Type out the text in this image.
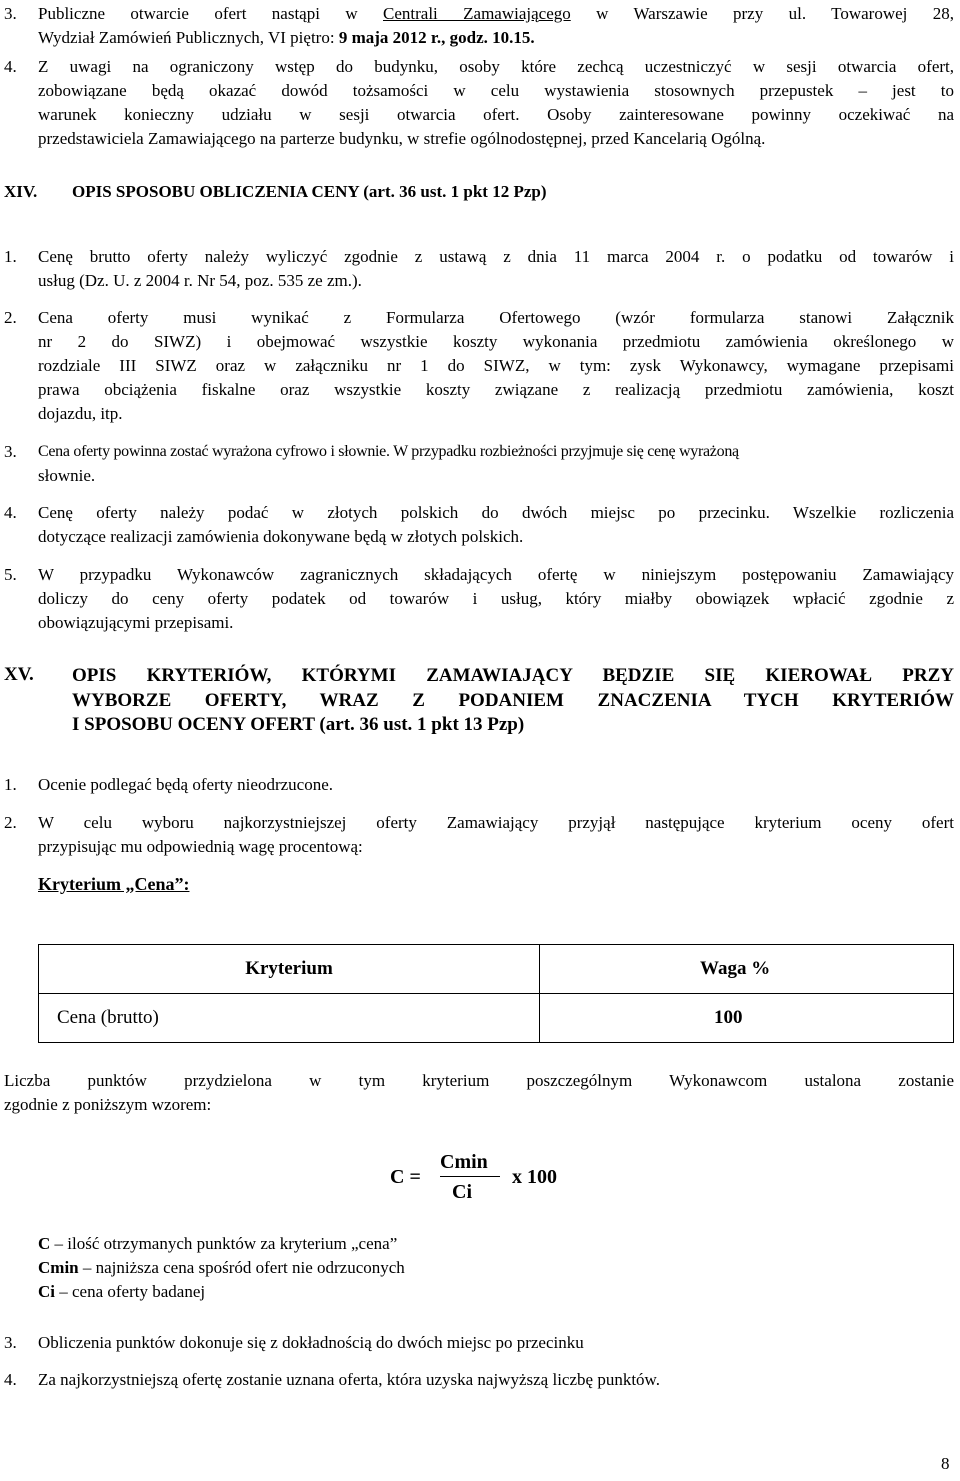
3. Publiczne otwarcie ofert nastąpi w Centrali Zamawiającego w Warszawie przy ul. Towarowej 28,
Wydział Zamówień Publicznych, VI piętro: 9 maja 2012 r., godz. 10.15.
4. Z uwagi na ograniczony wstęp do budynku, osoby które zechcą uczestniczyć w sesji otwarcia ofert,
zobowiązane będą okazać dowód tożsamości w celu wystawienia stosownych przepustek – jest to
warunek konieczny udziału w sesji otwarcia ofert. Osoby zainteresowane powinny oczekiwać na
przedstawiciela Zamawiającego na parterze budynku, w strefie ogólnodostępnej, przed Kancelarią Ogólną.
XIV. OPIS SPOSOBU OBLICZENIA CENY (art. 36 ust. 1 pkt 12 Pzp)
1. Cenę brutto oferty należy wyliczyć zgodnie z ustawą z dnia 11 marca 2004 r. o podatku od towarów i
usług (Dz. U. z 2004 r. Nr 54, poz. 535 ze zm.).
2. Cena oferty musi wynikać z Formularza Ofertowego (wzór formularza stanowi Załącznik
nr 2 do SIWZ) i obejmować wszystkie koszty wykonania przedmiotu zamówienia określonego w
rozdziale III SIWZ oraz w załączniku nr 1 do SIWZ, w tym: zysk Wykonawcy, wymagane przepisami
prawa obciążenia fiskalne oraz wszystkie koszty związane z realizacją przedmiotu zamówienia, koszt
dojazdu, itp.
3. Cena oferty powinna zostać wyrażona cyfrowo i słownie. W przypadku rozbieżności przyjmuje się cenę wyrażoną
słownie.
4. Cenę oferty należy podać w złotych polskich do dwóch miejsc po przecinku. Wszelkie rozliczenia
dotyczące realizacji zamówienia dokonywane będą w złotych polskich.
5. W przypadku Wykonawców zagranicznych składających ofertę w niniejszym postępowaniu Zamawiający
doliczy do ceny oferty podatek od towarów i usług, który miałby obowiązek wpłacić zgodnie z
obowiązującymi przepisami.
XV. OPIS KRYTERIÓW, KTÓRYMI ZAMAWIAJĄCY BĘDZIE SIĘ KIEROWAŁ PRZY
WYBORZE OFERTY, WRAZ Z PODANIEM ZNACZENIA TYCH KRYTERIÓW
I SPOSOBU OCENY OFERT (art. 36 ust. 1 pkt 13 Pzp)
1. Ocenie podlegać będą oferty nieodrzucone.
2. W celu wyboru najkorzystniejszej oferty Zamawiający przyjął następujące kryterium oceny ofert
przypisując mu odpowiednią wagę procentową:
Kryterium „Cena”:
Kryterium	Waga %
Cena (brutto)	100
Liczba punktów przydzielona w tym kryterium poszczególnym Wykonawcom ustalona zostanie
zgodnie z poniższym wzorem:
C =
Cmin
Ci
x 100
C – ilość otrzymanych punktów za kryterium „cena”
Cmin – najniższa cena spośród ofert nie odrzuconych
Ci – cena oferty badanej
3. Obliczenia punktów dokonuje się z dokładnością do dwóch miejsc po przecinku
4. Za najkorzystniejszą ofertę zostanie uznana oferta, która uzyska najwyższą liczbę punktów.
8
